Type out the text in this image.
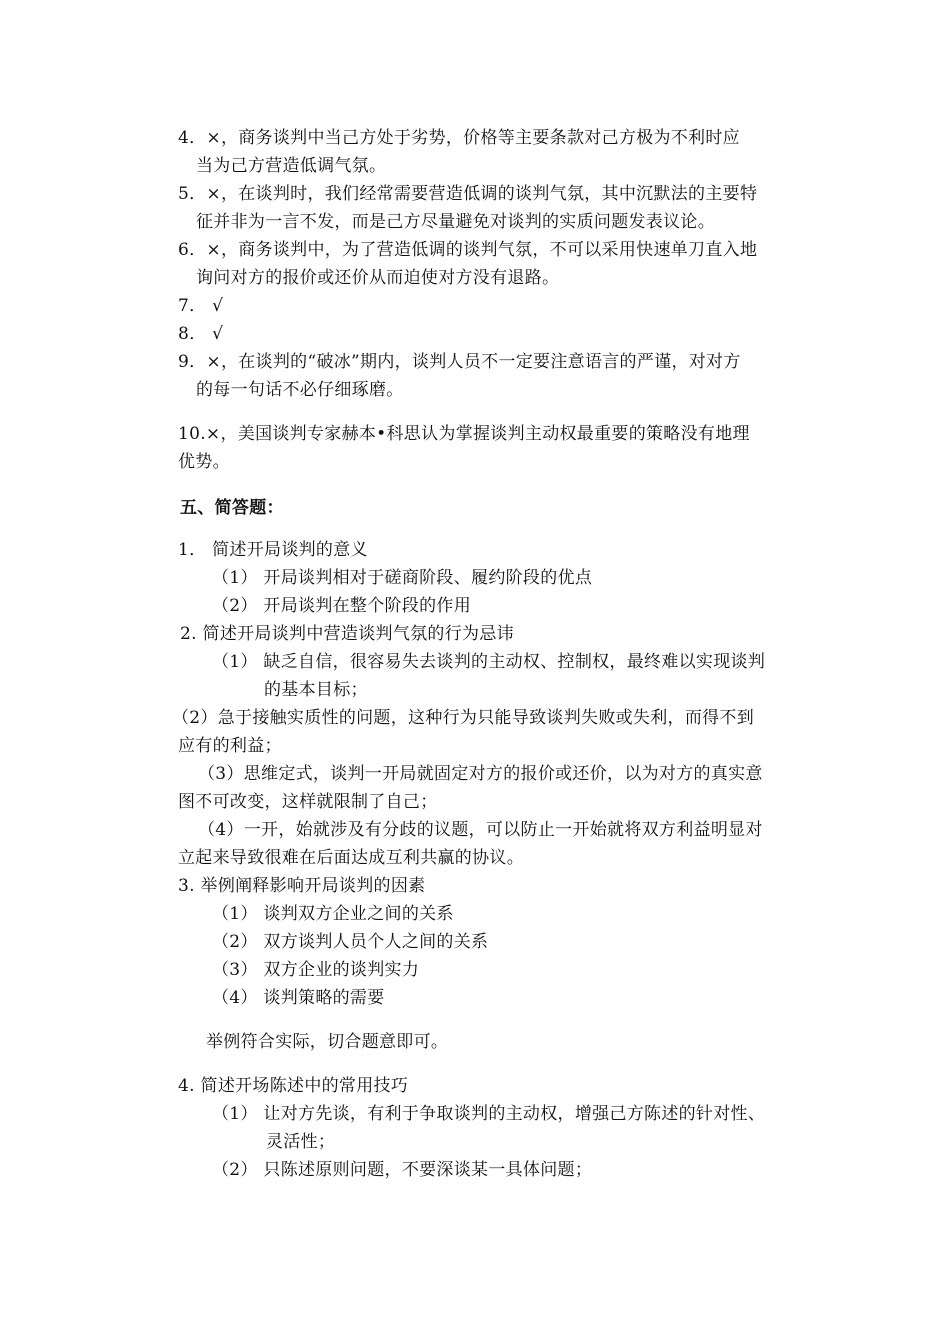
4．×，商务谈判中当己方处于劣势，价格等主要条款对己方极为不利时应
当为己方营造低调气氛。
5．×，在谈判时，我们经常需要营造低调的谈判气氛，其中沉默法的主要特
征并非为一言不发，而是己方尽量避免对谈判的实质问题发表议论。
6．×，商务谈判中，为了营造低调的谈判气氛，不可以采用快速单刀直入地
询问对方的报价或还价从而迫使对方没有退路。
7． √
8． √
9．×，在谈判的“破冰”期内，谈判人员不一定要注意语言的严谨，对对方
的每一句话不必仔细琢磨。
10.×，美国谈判专家赫本•科思认为掌握谈判主动权最重要的策略没有地理
优势。
五、简答题：
1． 简述开局谈判的意义
（1） 开局谈判相对于磋商阶段、履约阶段的优点
（2） 开局谈判在整个阶段的作用
2. 简述开局谈判中营造谈判气氛的行为忌讳
（1） 缺乏自信，很容易失去谈判的主动权、控制权，最终难以实现谈判
的基本目标；
（2）急于接触实质性的问题，这种行为只能导致谈判失败或失利，而得不到
应有的利益；
（3）思维定式，谈判一开局就固定对方的报价或还价，以为对方的真实意
图不可改变，这样就限制了自己；
（4）一开，始就涉及有分歧的议题，可以防止一开始就将双方利益明显对
立起来导致很难在后面达成互利共赢的协议。
3. 举例阐释影响开局谈判的因素
（1） 谈判双方企业之间的关系
（2） 双方谈判人员个人之间的关系
（3） 双方企业的谈判实力
（4） 谈判策略的需要
举例符合实际，切合题意即可。
4. 简述开场陈述中的常用技巧
（1） 让对方先谈，有利于争取谈判的主动权，增强己方陈述的针对性、
灵活性；
（2） 只陈述原则问题，不要深谈某一具体问题；
